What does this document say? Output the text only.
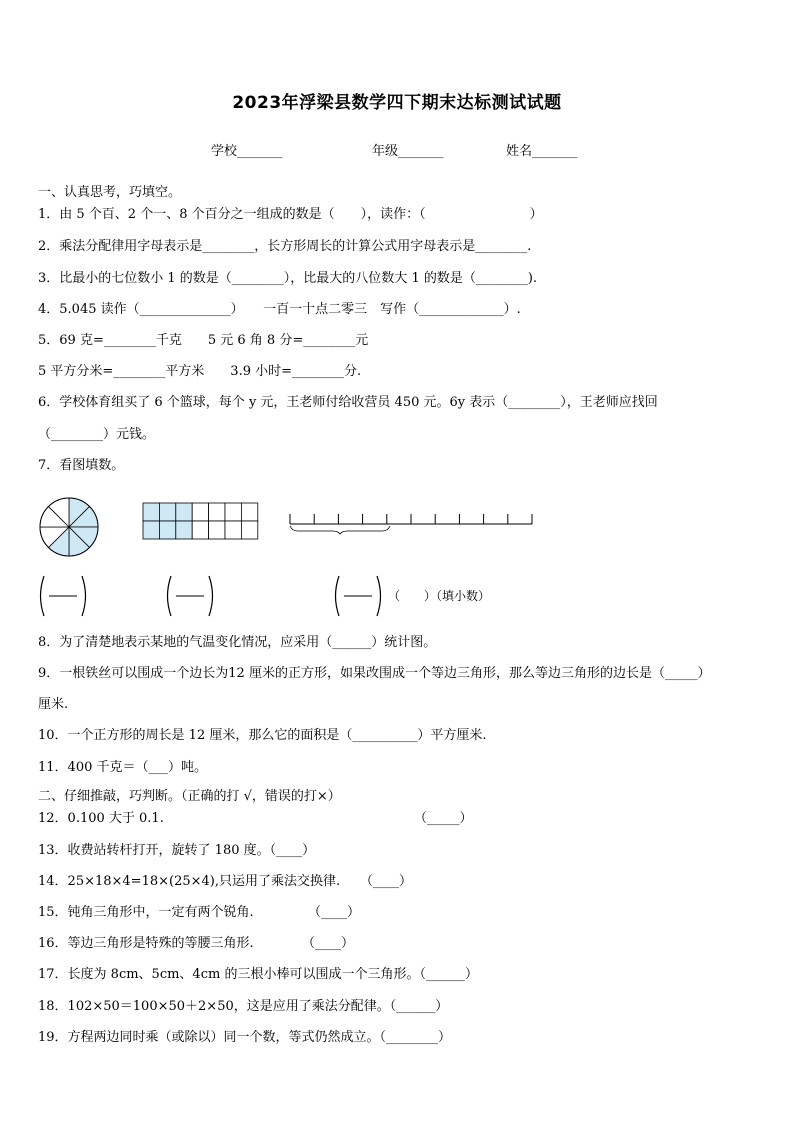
2023年浮梁县数学四下期末达标测试试题
学校_______	年级_______	姓名_______
一、认真思考，巧填空。
1．由 5 个百、2 个一、8 个百分之一组成的数是（　　），读作：（　　　　　　　　）
2．乘法分配律用字母表示是________，长方形周长的计算公式用字母表示是________.
3．比最小的七位数小 1 的数是（________），比最大的八位数大 1 的数是（________).
4．5.045 读作（______________）　　一百一十点二零三　写作（_____________）.
5．69 克=________千克　　5 元 6 角 8 分=________元
5 平方分米=________平方米　　3.9 小时=________分.
6．学校体育组买了 6 个篮球，每个 y 元，王老师付给收营员 450 元。6y 表示（________），王老师应找回
（________）元钱。
7．看图填数。
（　　）（填小数）
8．为了清楚地表示某地的气温变化情况，应采用（______）统计图。
9．一根铁丝可以围成一个边长为12 厘米的正方形，如果改围成一个等边三角形，那么等边三角形的边长是（_____）
厘米.
10．一个正方形的周长是 12 厘米，那么它的面积是（__________）平方厘米.
11．400 千克＝（___）吨。
二、仔细推敲，巧判断。（正确的打 √，错误的打×）
12．0.100 大于 0.1.	（_____）
13．收费站转杆打开，旋转了 180 度。（____）
14．25×18×4=18×(25×4),只运用了乘法交换律. （____）
15．钝角三角形中，一定有两个锐角.	（____）
16．等边三角形是特殊的等腰三角形.	（____）
17．长度为 8cm、5cm、4cm 的三根小棒可以围成一个三角形。（______）
18．102×50＝100×50＋2×50，这是应用了乘法分配律。（______）
19．方程两边同时乘（或除以）同一个数，等式仍然成立。（________）
